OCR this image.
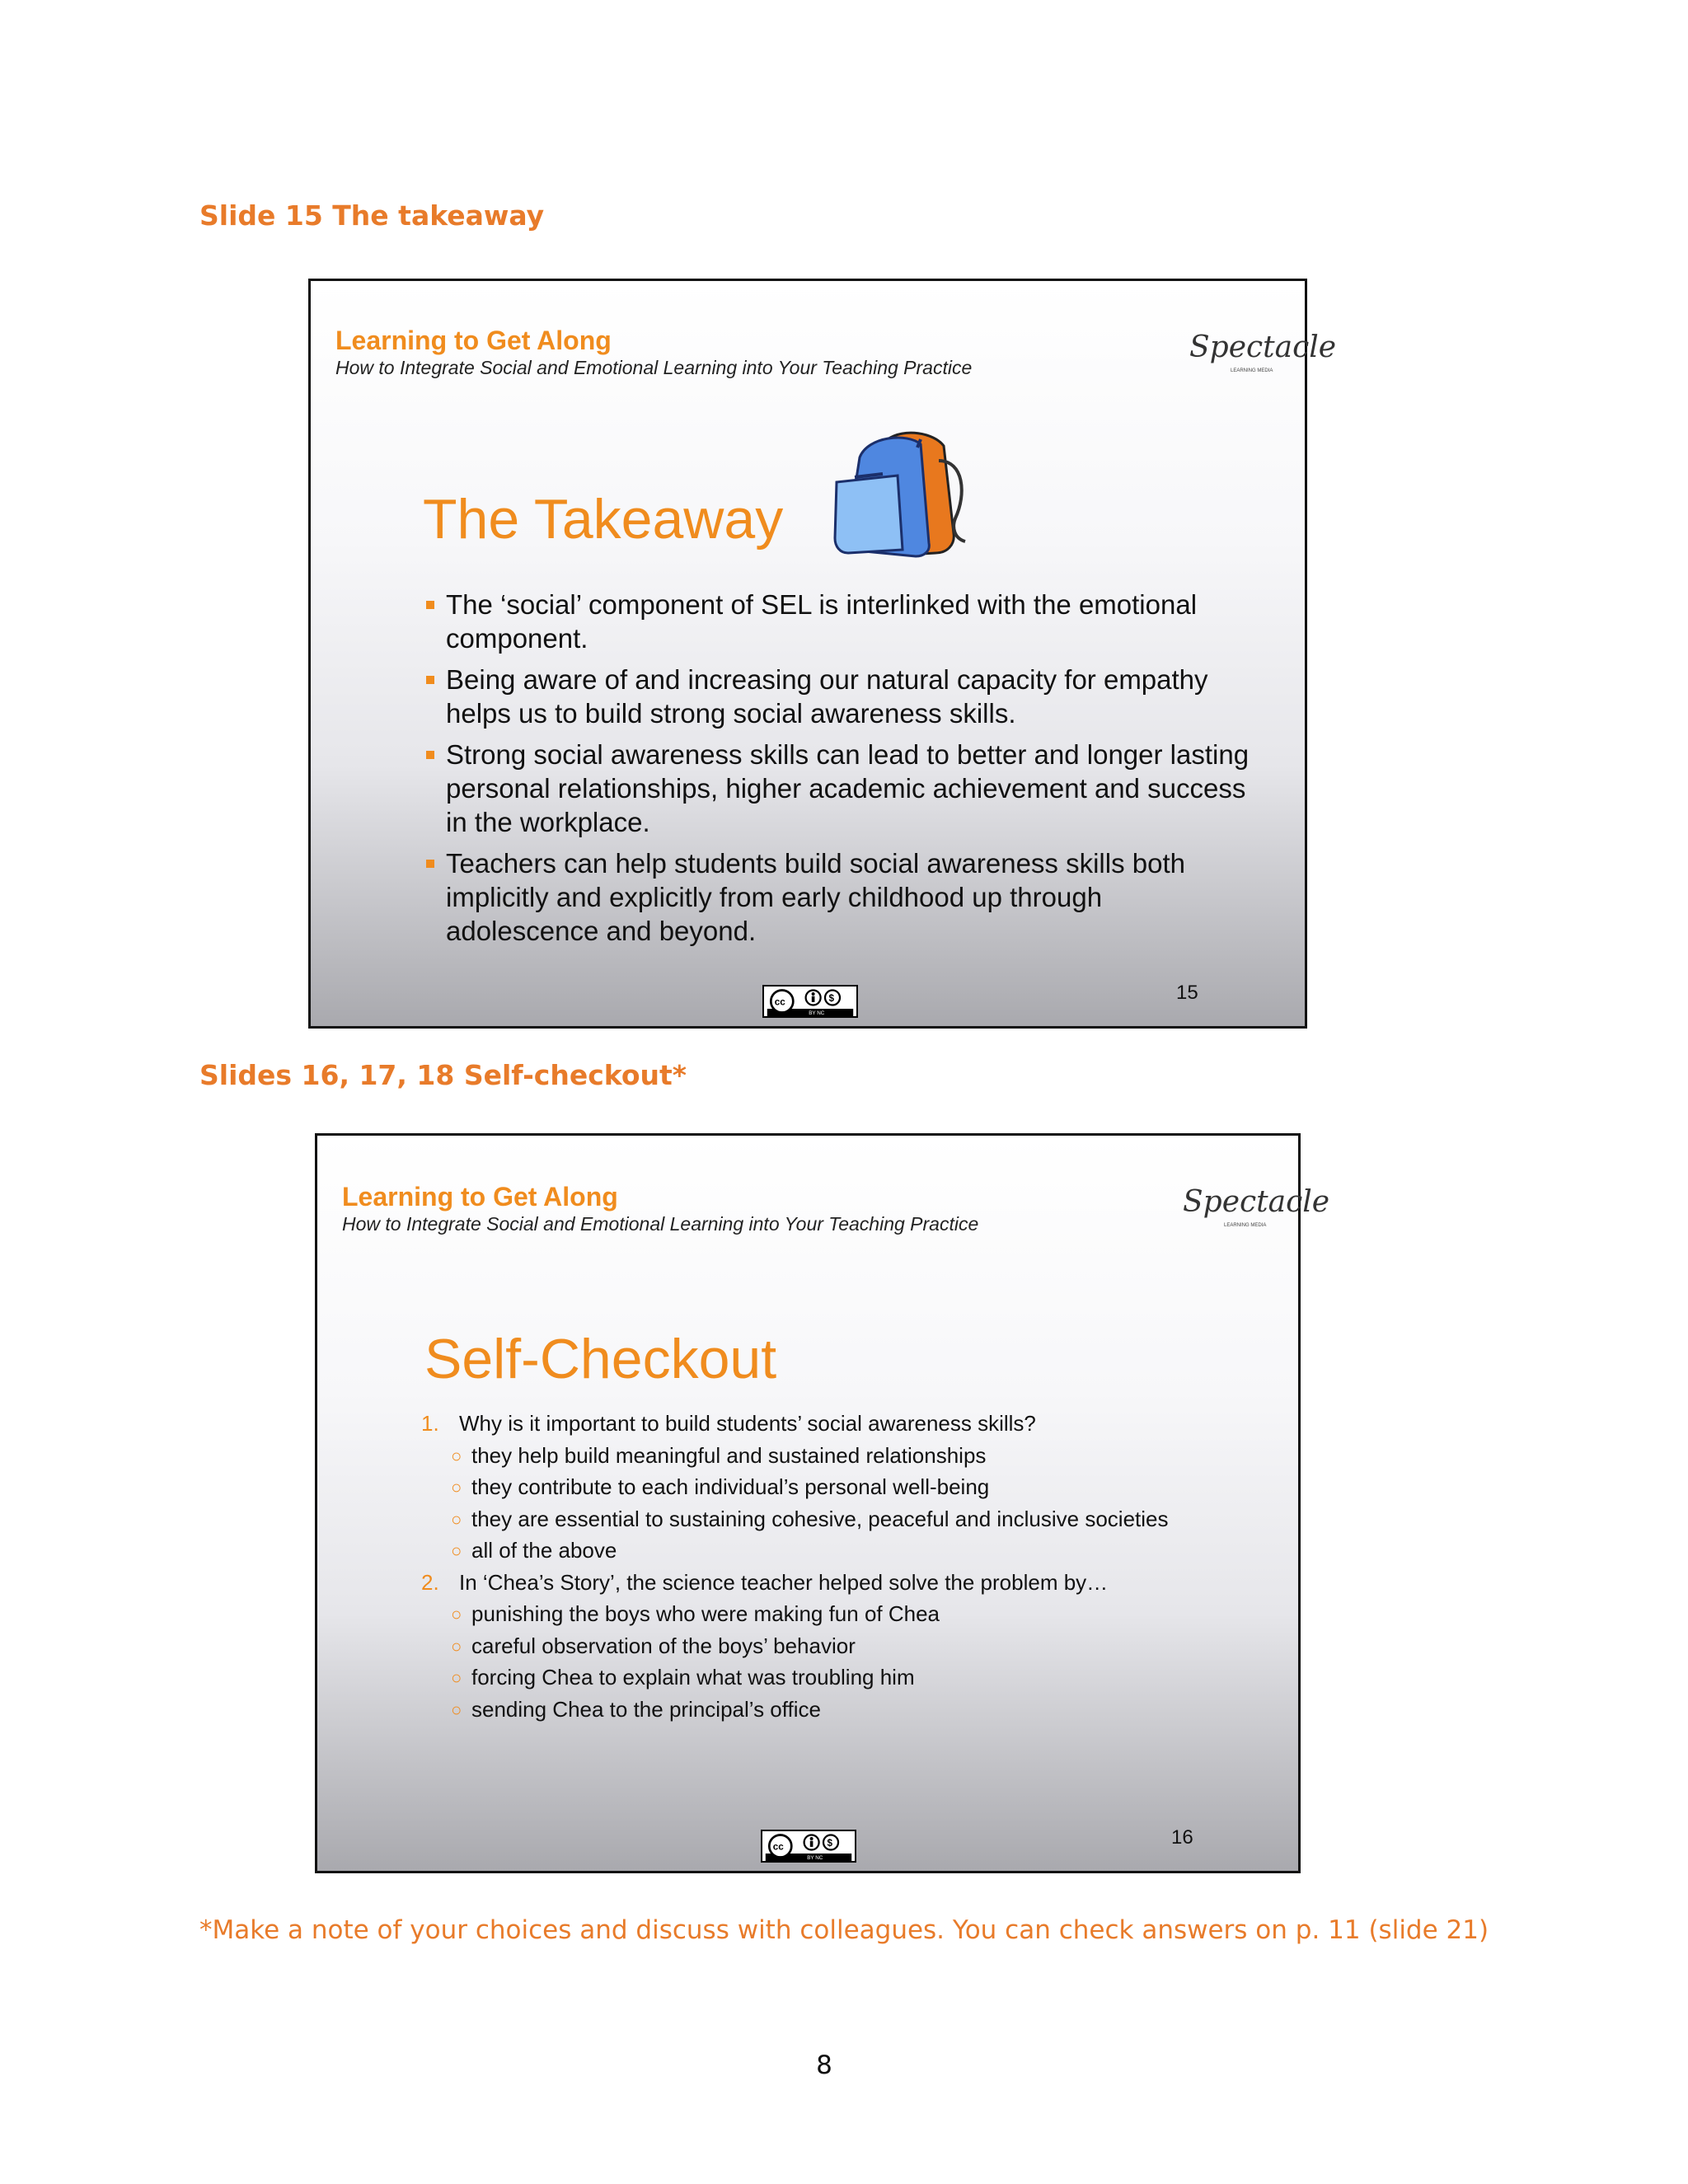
Slide 15 The takeaway

Learning to Get Along

How to Integrate Social and Emotional Learning into Your Teaching Practice

Spectacle
LEARNING MEDIA
The Takeaway
The ‘social’ component of SEL is interlinked with the emotional component.
Being aware of and increasing our natural capacity for empathy helps us to build strong social awareness skills.
Strong social awareness skills can lead to better and longer lasting personal relationships, higher academic achievement and success in the workplace.
Teachers can help students build social awareness skills both implicitly and explicitly from early childhood up through adolescence and beyond.
cc	$
BY NC
15
Slides 16, 17, 18 Self-checkout*

Learning to Get Along

How to Integrate Social and Emotional Learning into Your Teaching Practice

Spectacle
LEARNING MEDIA
Self-Checkout
1. Why is it important to build students’ social awareness skills?
○ they help build meaningful and sustained relationships
○ they contribute to each individual’s personal well-being
○ they are essential to sustaining cohesive, peaceful and inclusive societies
○ all of the above
2. In ‘Chea’s Story’, the science teacher helped solve the problem by…
○ punishing the boys who were making fun of Chea
○ careful observation of the boys’ behavior
○ forcing Chea to explain what was troubling him
○ sending Chea to the principal’s office
cc	$
BY NC
16

*Make a note of your choices and discuss with colleagues. You can check answers on p. 11 (slide 21)

8
